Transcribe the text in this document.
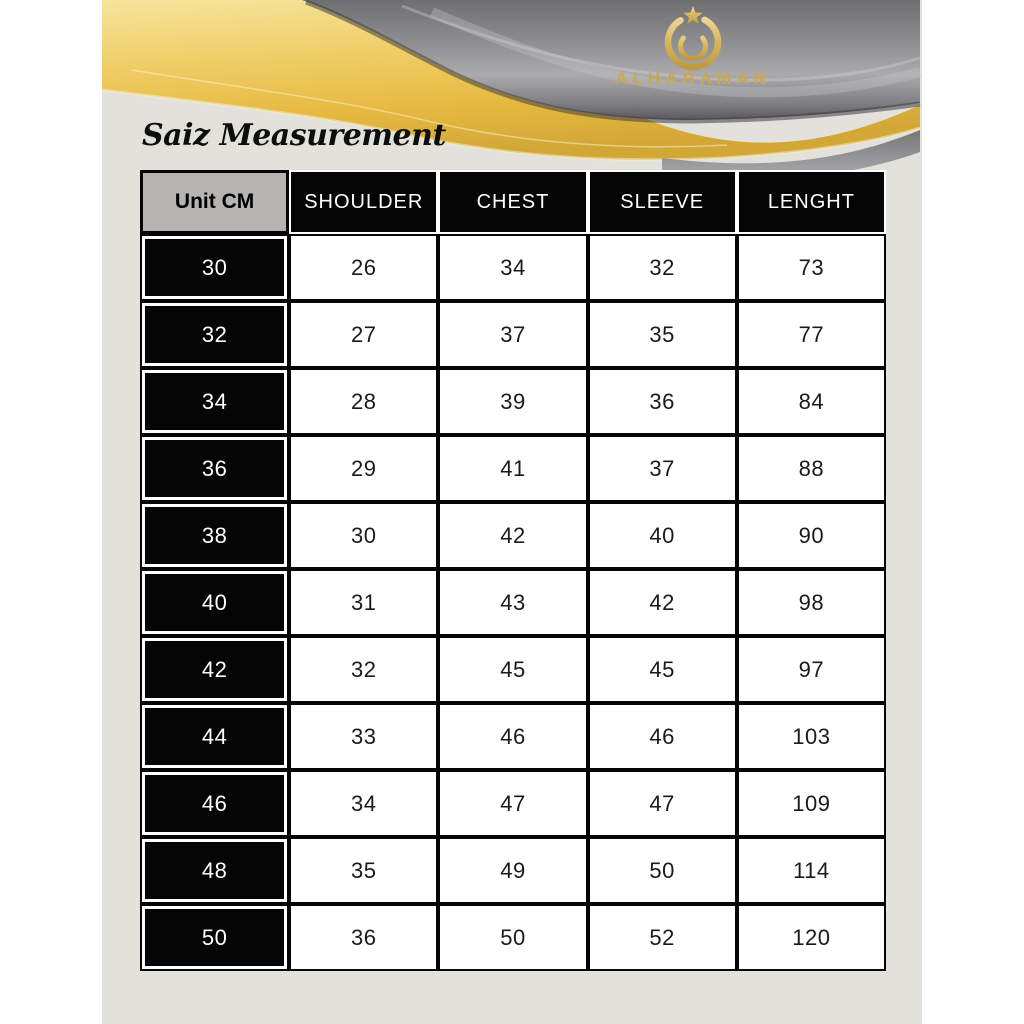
ALHARAMAN
Saiz Measurement
Unit CM	SHOULDER	CHEST	SLEEVE	LENGHT

30	26	34	32	73

32	27	37	35	77

34	28	39	36	84

36	29	41	37	88

38	30	42	40	90

40	31	43	42	98

42	32	45	45	97

44	33	46	46	103

46	34	47	47	109

48	35	49	50	114

50	36	50	52	120
